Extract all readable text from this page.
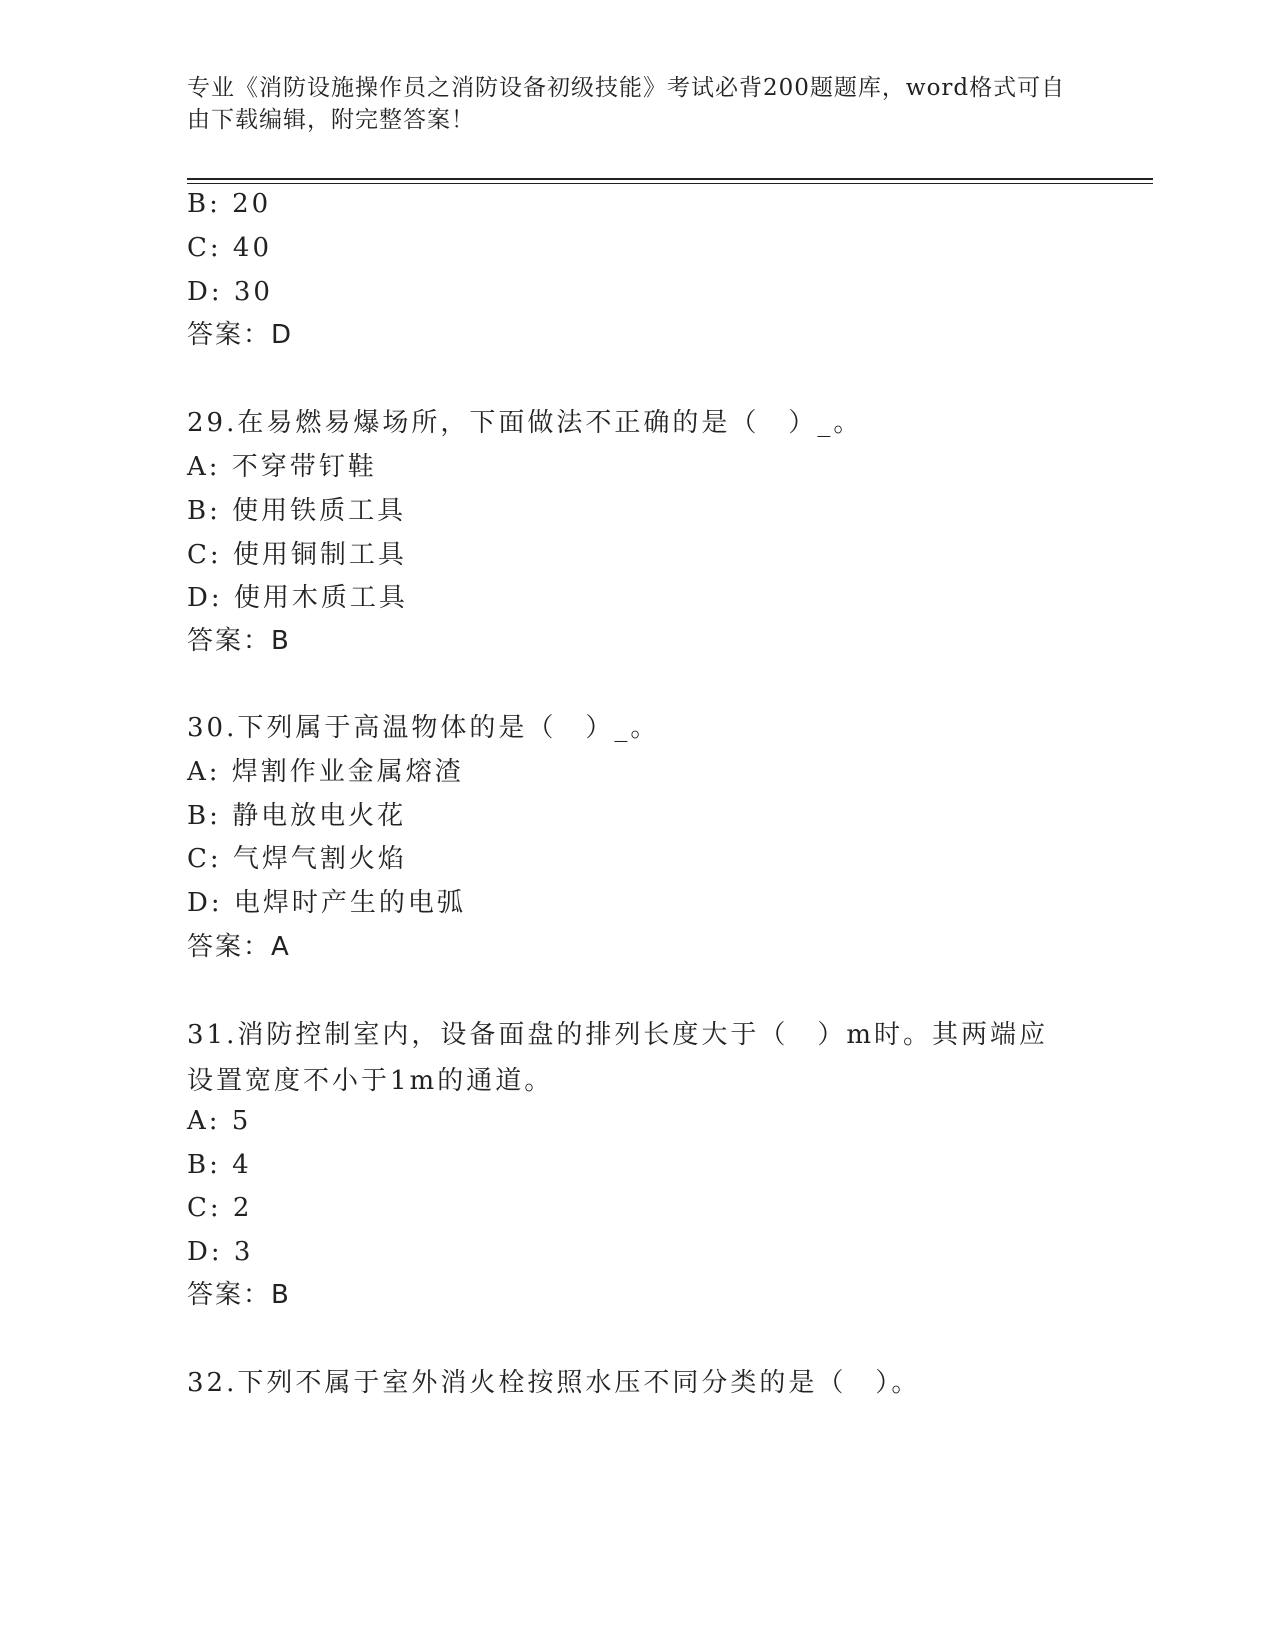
专业《消防设施操作员之消防设备初级技能》考试必背200题题库，word格式可自由下载编辑，附完整答案！
B: 20
C: 40
D: 30
答案：D
29.在易燃易爆场所，下面做法不正确的是（　）_。
A: 不穿带钉鞋
B: 使用铁质工具
C: 使用铜制工具
D: 使用木质工具
答案：B
30.下列属于高温物体的是（　）_。
A: 焊割作业金属熔渣
B: 静电放电火花
C: 气焊气割火焰
D: 电焊时产生的电弧
答案：A
31.消防控制室内，设备面盘的排列长度大于（　）m时。其两端应设置宽度不小于1m的通道。
A: 5
B: 4
C: 2
D: 3
答案：B
32.下列不属于室外消火栓按照水压不同分类的是（　）。
